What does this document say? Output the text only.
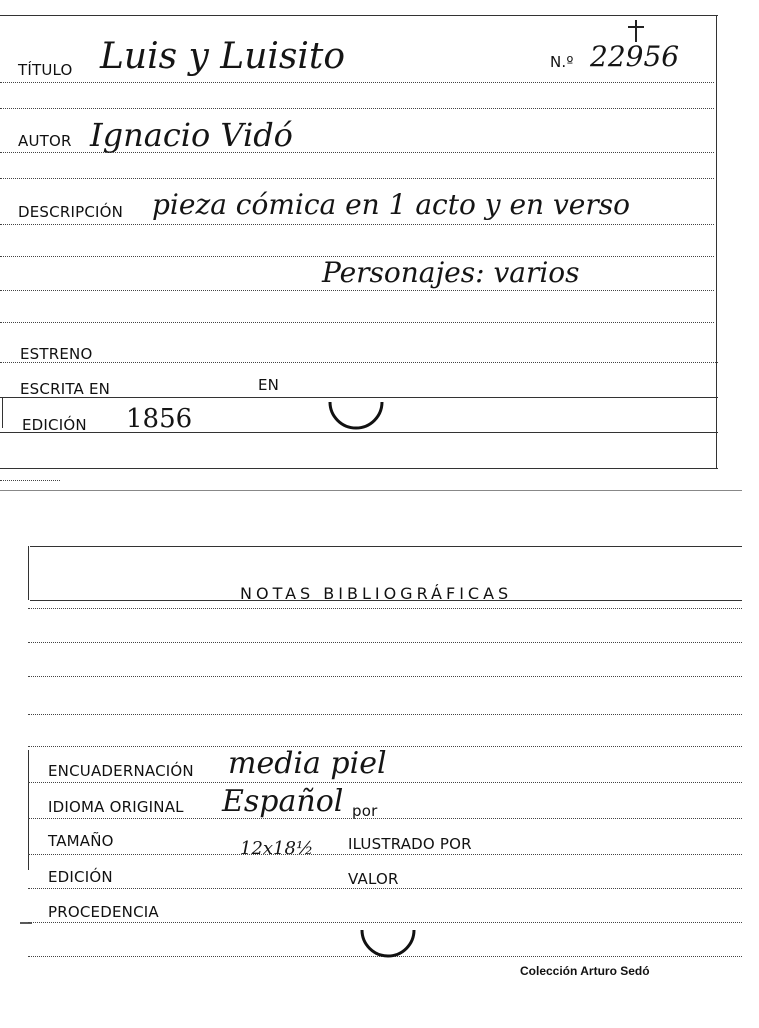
TÍTULO Luis y Luisito	N.º 22956
AUTOR Ignacio Vidó
DESCRIPCIÓN pieza cómica en 1 acto y en verso
Personajes: varios
ESTRENO
ESCRITA EN	EN
EDICIÓN 1856
NOTAS BIBLIOGRÁFICAS
ENCUADERNACIÓN media piel
IDIOMA ORIGINAL Español por
TAMAÑO	12x18½ ILUSTRADO POR
EDICIÓN	VALOR
PROCEDENCIA
Colección Arturo Sedó
